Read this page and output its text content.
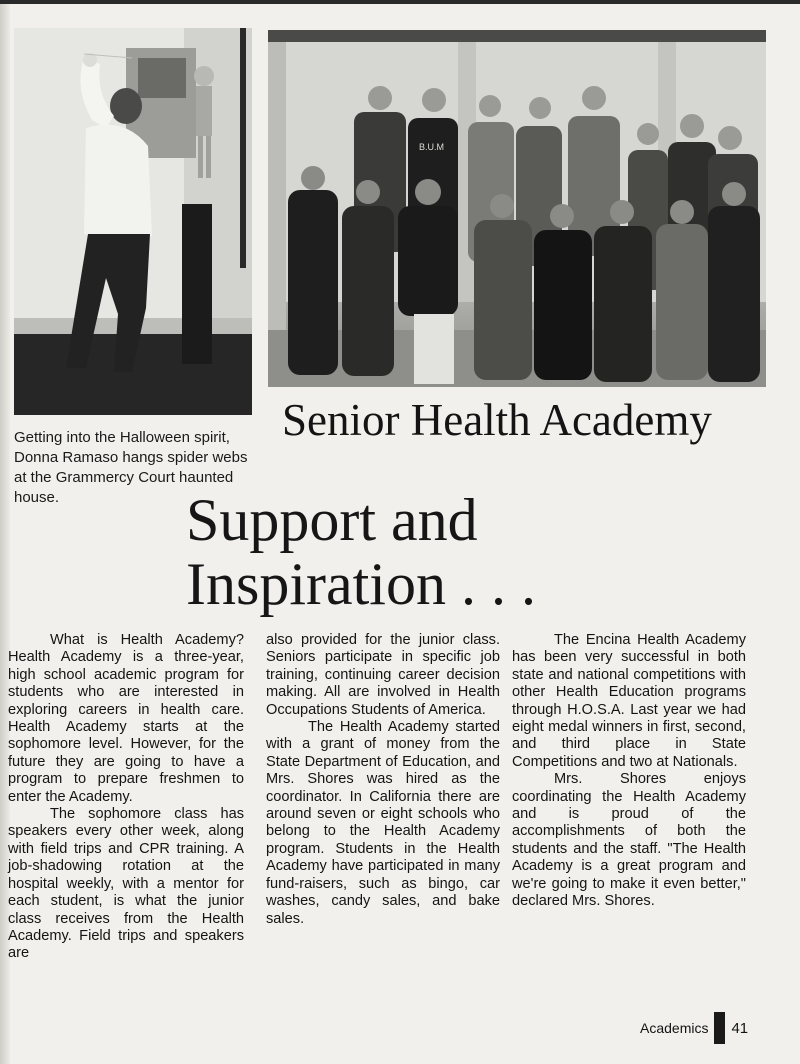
B.U.M
Getting into the Halloween spirit, Donna Ramaso hangs spider webs at the Grammercy Court haunted house.
Senior Health Academy
Support and
Inspiration . . .

What is Health Academy? Health Academy is a three-year, high school academic program for students who are interested in exploring careers in health care. Health Academy starts at the sophomore level. However, for the future they are going to have a program to prepare freshmen to enter the Academy.

The sophomore class has speakers every other week, along with field trips and CPR training. A job-shadowing rotation at the hospital weekly, with a mentor for each student, is what the junior class receives from the Health Academy. Field trips and speakers are

also provided for the junior class. Seniors participate in specific job training, continuing career decision making. All are involved in Health Occupations Students of America.

The Health Academy started with a grant of money from the State Department of Education, and Mrs. Shores was hired as the coordinator. In California there are around seven or eight schools who belong to the Health Academy program. Students in the Health Academy have participated in many fund-raisers, such as bingo, car washes, candy sales, and bake sales.

The Encina Health Academy has been very successful in both state and national competitions with other Health Education programs through H.O.S.A. Last year we had eight medal winners in first, second, and third place in State Competitions and two at Nationals.

Mrs. Shores enjoys coordinating the Health Academy and is proud of the accomplishments of both the students and the staff. "The Health Academy is a great program and we're going to make it even better," declared Mrs. Shores.

Academics 41
